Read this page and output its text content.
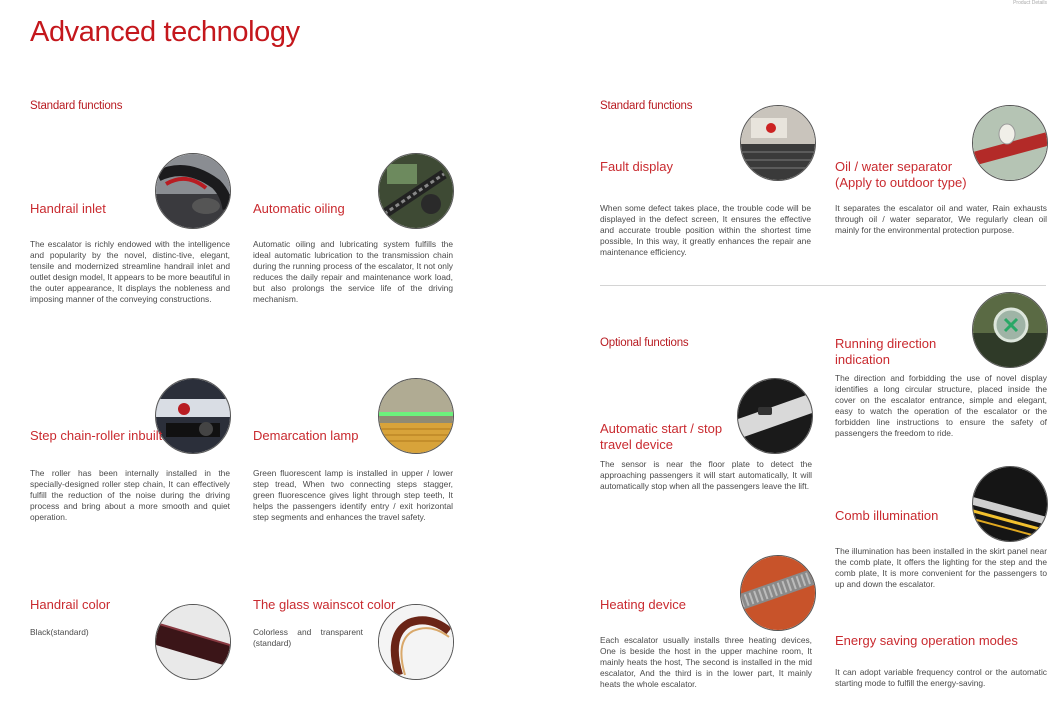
Product Details
Advanced technology
Standard functions
Handrail inlet
The escalator is richly endowed with the intelligence and popularity by the novel, distinc-tive, elegant, tensile and modernized streamline handrail inlet and outlet design model, It appears to be more beautiful in the outer appearance, It displays the nobleness and imposing manner of the conveying constructions.
Automatic oiling
Automatic oiling and lubricating system fulfills the ideal automatic lubrication to the transmission chain during the running process of the escalator, It not only reduces the daily repair and maintenance work load, but also prolongs the service life of the driving mechanism.
Step chain-roller inbuilt
The roller has been internally installed in the specially-designed roller step chain, It can effectively fulfill the reduction of the noise during the driving process and bring about a more smooth and quiet operation.
Demarcation lamp
Green fluorescent lamp is installed in upper / lower step tread, When two connecting steps stagger, green fluorescence gives light through step teeth, It helps the passengers identify entry / exit horizontal step segments and enhances the travel safety.
Handrail color
Black(standard)
The glass wainscot color
Colorless and transparent (standard)
Standard functions
Fault display
When some defect takes place, the trouble code will be displayed in the defect screen, It ensures the effective and accurate trouble position within the shortest time possible, In this way, it greatly enhances the repair ane maintenance efficiency.
Oil / water separator (Apply to outdoor type)
It separates the escalator oil and water, Rain exhausts through oil / water separator, We regularly clean oil mainly for the environmental protection purpose.
Optional functions	Running direction indication
The direction and forbidding the use of novel display identifies a long circular structure, placed inside the cover on the escalator entrance, simple and elegant, easy to watch the operation of the escalator or the forbidden line instructions to ensure the safety of passengers the freedom to ride.
Automatic start / stop travel device
The sensor is near the floor plate to detect the approaching passengers it will start automatically, It will automatically stop when all the passengers leave the lift.
Comb illumination
The illumination has been installed in the skirt panel near the comb plate, It offers the lighting for the step and the comb plate, It is more convenient for the passengers to up and down the escalator.
Heating device
Each escalator usually installs three heating devices, One is beside the host in the upper machine room, It mainly heats the host, The second is installed in the mid escalator, And the third is in the lower part, It mainly heats the whole escalator.
Energy saving operation modes
It can adopt variable frequency control or the automatic starting mode to fulfill the energy-saving.
